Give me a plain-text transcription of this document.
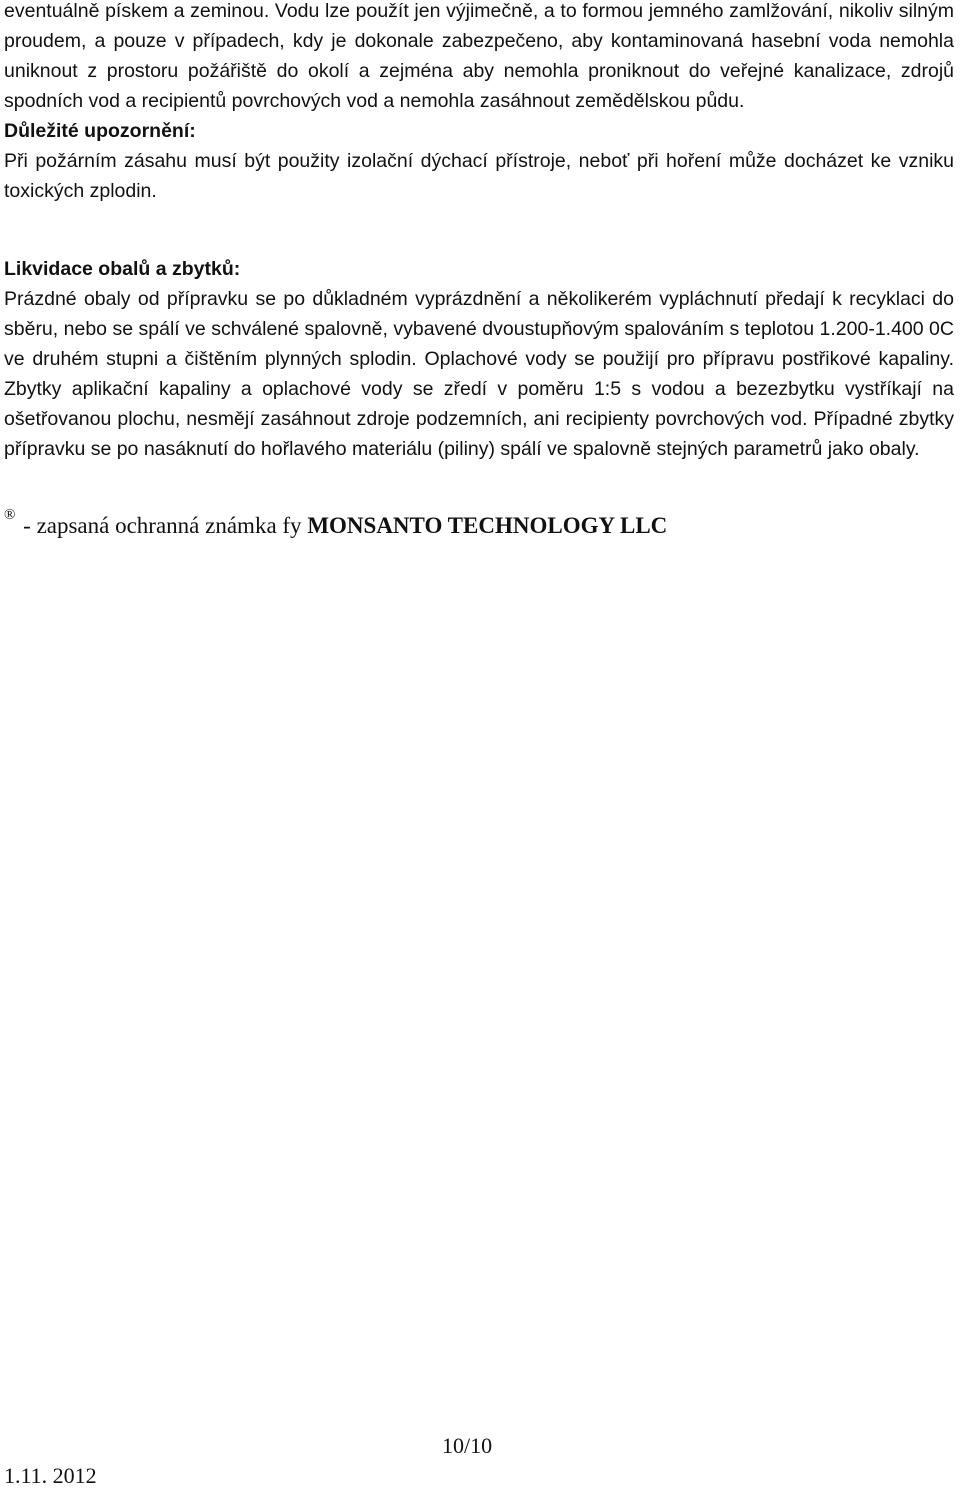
eventuálně pískem a zeminou. Vodu lze použít jen výjimečně, a to formou jemného zamlžování, nikoliv silným proudem, a pouze v případech, kdy je dokonale zabezpečeno, aby kontaminovaná hasební voda nemohla uniknout z prostoru požářiště do okolí a zejména aby nemohla proniknout do veřejné kanalizace, zdrojů spodních vod a recipientů povrchových vod a nemohla zasáhnout zemědělskou půdu.

Důležité upozornění:

Při požárním zásahu musí být použity izolační dýchací přístroje, neboť při hoření může docházet ke vzniku toxických zplodin.

Likvidace obalů a zbytků:

Prázdné obaly od přípravku se po důkladném vyprázdnění a několikerém vypláchnutí předají k recyklaci do sběru, nebo se spálí ve schválené spalovně, vybavené dvoustupňovým spalováním s teplotou 1.200-1.400 0C ve druhém stupni a čištěním plynných splodin. Oplachové vody se použijí pro přípravu postřikové kapaliny. Zbytky aplikační kapaliny a oplachové vody se zředí v poměru 1:5 s vodou a bezezbytku vystříkají na ošetřovanou plochu, nesmějí zasáhnout zdroje podzemních, ani recipienty povrchových vod. Případné zbytky přípravku se po nasáknutí do hořlavého materiálu (piliny) spálí ve spalovně stejných parametrů jako obaly.

® - zapsaná ochranná známka fy MONSANTO TECHNOLOGY LLC
10/10
1.11. 2012
